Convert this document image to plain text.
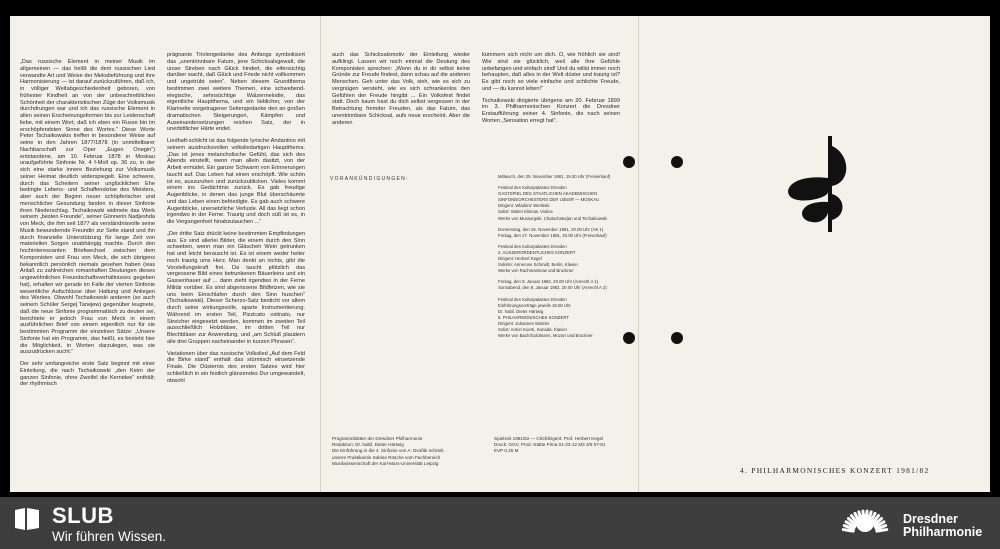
„Das russische Element in meiner Musik im allgemeinen — das heißt die dem russischen Lied verwandte Art und Weise der Melodieführung und ihre Harmonisierung — ist darauf zurückzuführen, daß ich, in völliger Weltabgeschiedenheit geboren, von frühester Kindheit an von der unbeschreiblichen Schönheit der charakteristischen Züge der Volksmusik durchdrungen war und ich das russische Element in allen seinen Erscheinungsformen bis zur Leidenschaft liebe, mit einem Wort, daß ich eben ein Russe bin im erschöpfendsten Sinne des Wortes.“ Diese Worte Peter Tschaikowskis treffen in besonderer Weise auf seine in den Jahren 1877/1878 (in unmittelbarer Nachbarschaft zur Oper „Eugen Onegin“) entstandene, am 10. Februar 1878 in Moskau uraufgeführte Sinfonie Nr. 4 f-Moll op. 36 zu, in der sich eine starke innere Beziehung zur Volksmusik seiner Heimat deutlich widerspiegelt. Eine schwere, durch das Scheitern seiner unglücklichen Ehe bedingte Lebens- und Schaffenskrise des Meisters, aber auch der Beginn neuer schöpferischer und menschlicher Gesundung fanden in dieser Sinfonie ihren Niederschlag. Tschaikowski widmete das Werk seinem „besten Freunde“, seiner Gönnerin Nadjeshda von Meck, die ihm seit 1877 als verständnisvolle seine Musik bewundernde Freundin zur Seite stand und ihn durch finanzielle Unterstützung für lange Zeit von materiellen Sorgen unabhängig machte. Durch den hochinteressanten Briefwechsel zwischen dem Komponisten und Frau von Meck, die sich übrigens bekanntlich persönlich niemals gesehen haben (was Anlaß zu zahlreichen romanhaften Deutungen dieses ungewöhnlichen Freundschaftsverhältnisses gegeben hat), erhalten wir gerade im Falle der vierten Sinfonie wesentliche Aufschlüsse über Haltung und Anliegen des Werkes. Obwohl Tschaikowski anderen (so auch seinem Schüler Sergej Tanejew) gegenüber leugnete, daß die neue Sinfonie programmatisch zu deuten sei, berichtete er jedoch Frau von Meck in einem ausführlichen Brief von einem eigentlich nur für sie bestimmten Programm der einzelnen Sätze: „Unsere Sinfonie hat ein Programm, das heißt, es besteht hier die Möglichkeit, in Worten darzulegen, was sie auszudrücken sucht.“

Der sehr umfangreiche erste Satz beginnt mit einer Einleitung, die nach Tschaikowski „den Keim der ganzen Sinfonie, ohne Zweifel die Kernidee“ enthält; der rhythmisch

prägnante Triolengedanke des Anfangs symbolisiert das „unentrinnbare Fatum, jene Schicksalsgewalt, die unser Streben nach Glück hindert, die eifersüchtig darüber wacht, daß Glück und Friede nicht vollkommen und ungetrübt seien“. Neben diesem Grundthema bestimmen zwei weitere Themen, eine schwebend-elegische, sehnsüchtige Walzermelodie, das eigentliche Hauptthema, und ein lieblicher, von der Klarinette vorgetragener Seitengedanke den an großen dramatischen Steigerungen, Kämpfen und Auseinandersetzungen reichen Satz, der in unerbittlicher Härte endet.

Liedhaft-schlicht ist das folgende lyrische Andantino mit seinem ausdrucksvollen volksliedartigen Hauptthema. „Das ist jenes melancholische Gefühl, das sich des Abends einstellt, wenn man allein dasitzt, von der Arbeit ermüdet. Ein ganzer Schwarm von Erinnerungen taucht auf. Das Leben hat einen erschöpft. Wie schön ist es, auszuruhen und zurückzublicken. Vieles kommt einem ins Gedächtnis zurück. Es gab freudige Augenblicke, in denen das junge Blut überschäumte und das Leben einen befriedigte. Es gab auch schwere Augenblicke, unersetzliche Verluste. All das liegt schon irgendwo in der Ferne. Traurig und doch süß ist es, in die Vergangenheit hinabzutauchen ...“

„Der dritte Satz drückt keine bestimmten Empfindungen aus. Es sind allerlei Bilder, die einem durch den Sinn schweben, wenn man ein Gläschen Wein getrunken hat und leicht berauscht ist. Es ist einem weder heiter noch traurig ums Herz. Man denkt an nichts, gibt die Vorstellungskraft frei. Da taucht plötzlich das vergessene Bild eines betrunkenen Bäuerleins und ein Gassenhauer auf ... dann zieht irgendwo in der Ferne Militär vorüber. Es sind abgerissene Bildfetzen, wie sie uns beim Einschlafen durch den Sinn huschen“ (Tschaikowski). Dieser Scherzo-Satz besticht vor allem durch seine wirkungsvolle, aparte Instrumentierung. Während im ersten Teil, Pizzicato ostinato, nur Streicher eingesetzt werden, kommen im zweiten Teil ausschließlich Holzbläser, im dritten Teil nur Blechbläser zur Anwendung, und „am Schluß plaudern alle drei Gruppen nacheinander in kurzen Phrasen“.

Variationen über das russische Volkslied „Auf dem Feld die Birke stand“ enthält das stürmisch einsetzende Finale. Die Düsternis des ersten Satzes wird hier schließlich in ein festlich glänzendes Dur umgewandelt, obwohl

auch das Schicksalsmotiv der Einleitung wieder aufklingt. Lassen wir noch einmal die Deutung des Komponisten sprechen: „Wenn du in dir selbst keine Gründe zur Freude findest, dann schau auf die anderen Menschen. Geh unter das Volk, sieh, wie es sich zu vergnügen versteht, wie es sich schrankenlos den Gefühlen der Freude hingibt ... Ein Volksfest findet statt. Doch kaum hast du dich selbst vergessen in der Betrachtung fremder Freuden, als das Fatum, das unentrinnbare Schicksal, aufs neue erscheint. Aber die anderen

kümmern sich nicht um dich. O, wie fröhlich sie sind! Wie sind sie glücklich, weil alle ihre Gefühle unbefangen und einfach sind! Und du willst immer noch behaupten, daß alles in der Welt düster und traurig ist? Es gibt noch so viele einfache und schlichte Freude, und — du kannst leben!“

Tschaikowski dirigierte übrigens am 20. Februar 1899 im 3. Philharmonischen Konzert die Dresdner Erstaufführung seiner 4. Sinfonie, die nach seinen Worten „Sensation erregt hat“.

VORANKÜNDIGUNGEN:	Mittwoch, den 25. November 1981, 19.30 Uhr (Freiverkauf)
Festival des Kulturpalastes Dresden
GASTSPIEL DES STAATLICHEN AKADEMISCHEN
SINFONIEORCHESTERS DER UdSSR — MOSKAU
Dirigent: Wladimir Wertitski
Solist: Waleri Klimow, Violine
Werke von Mussorgski, Chatschaturjan und Tschaikowski
Donnerstag, den 26. November 1981, 20.00 Uhr (AK 1)
Freitag, den 27. November 1981, 20.00 Uhr (Freiverkauf)
Festival des Kulturpalastes Dresden
2. AUSSERORDENTLICHES KONZERT
Dirigent: Herbert Kegel
Solistin: Annerose Schmidt, Berlin, Klavier
Werke von Rachmaninow und Bruckner
Freitag, den 8. Januar 1982, 20.00 Uhr (Anrecht A 1)
Sonnabend, den 9. Januar 1982, 20.00 Uhr (Anrecht A 2)
Festival des Kulturpalastes Dresden
Einführungsvorträge jeweils 19.00 Uhr
Dr. habil. Dieter Härtwig
5. PHILHARMONISCHES KONZERT
Dirigent: Johannes Winkler
Solist: Anton Kuerti, Kanada, Klavier
Werke von Bach/Goldmann, Mozart und Bruckner
Programmblätter der Dresdner Philharmonie
Redaktion: Dr. habil. Dieter Härtwig
Die Einführung in die 4. Sinfonie von A. Dvořák schrieb
unsere Praktikantin Sabine Rösche vom Fachbereich
Musikwissenschaft der Karl-Marx-Universität Leipzig
Spielzeit 1981/82 — Chefdirigent: Prof. Herbert Kegel
Druck: GGV, Prod.-Stätte Pirna 01-23-12 M3 3/8 57-81
EVP 0,25 M
4. PHILHARMONISCHES KONZERT 1981/82
SLUB
Wir führen Wissen.
Dresdner
Philharmonie
